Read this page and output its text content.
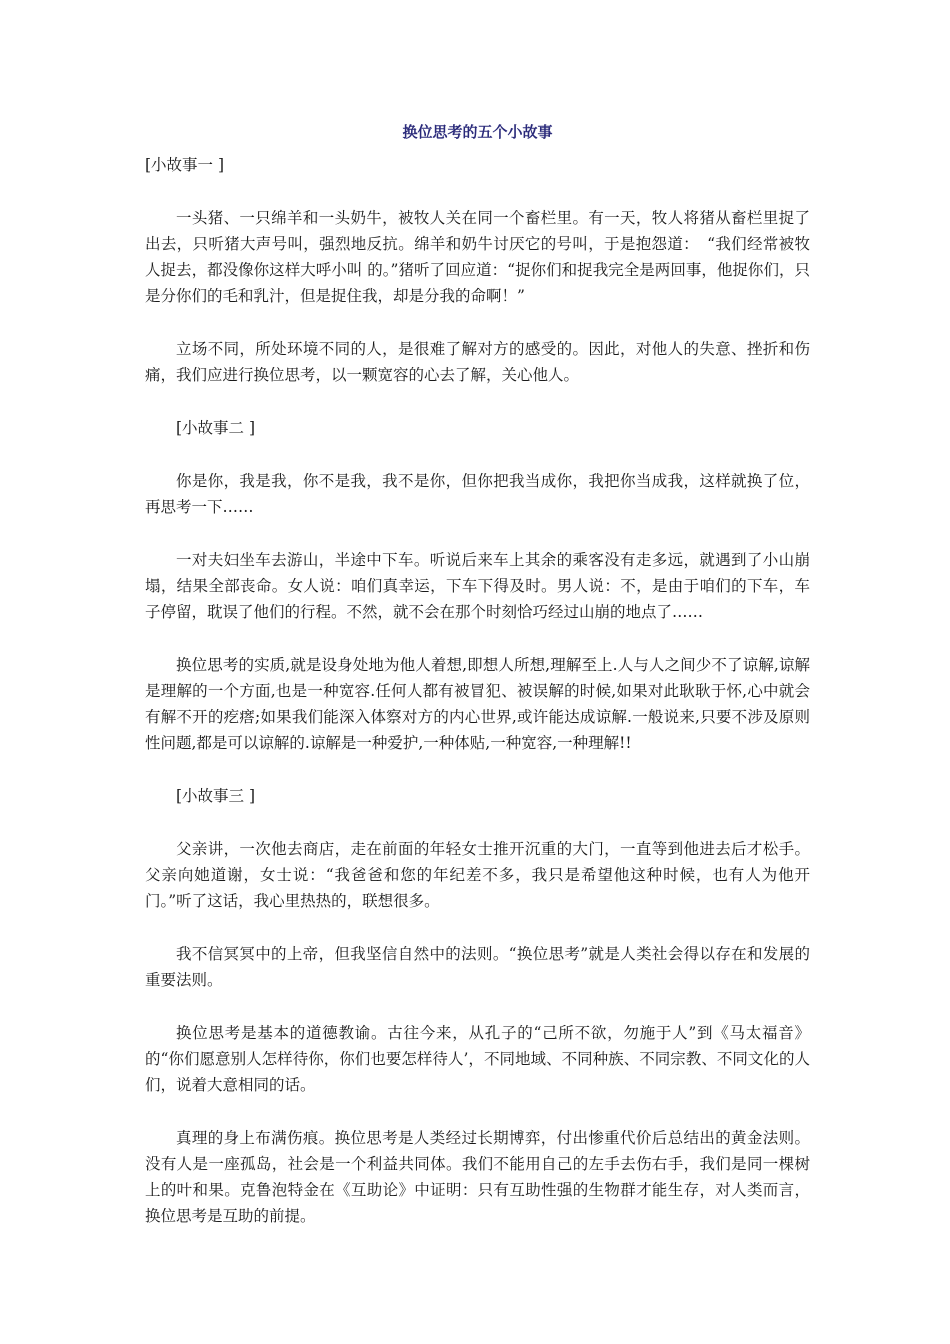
换位思考的五个小故事
[小故事一 ]
一头猪、一只绵羊和一头奶牛，被牧人关在同一个畜栏里。有一天，牧人将猪从畜栏里捉了出去，只听猪大声号叫，强烈地反抗。绵羊和奶牛讨厌它的号叫，于是抱怨道：　“我们经常被牧人捉去，都没像你这样大呼小叫 的。”猪听了回应道：“捉你们和捉我完全是两回事，他捉你们，只是分你们的毛和乳汁，但是捉住我，却是分我的命啊！”
立场不同，所处环境不同的人，是很难了解对方的感受的。因此，对他人的失意、挫折和伤痛，我们应进行换位思考，以一颗宽容的心去了解，关心他人。
[小故事二 ]
你是你，我是我，你不是我，我不是你，但你把我当成你，我把你当成我，这样就换了位，再思考一下……
一对夫妇坐车去游山，半途中下车。听说后来车上其余的乘客没有走多远，就遇到了小山崩塌，结果全部丧命。女人说：咱们真幸运，下车下得及时。男人说：不，是由于咱们的下车，车子停留，耽误了他们的行程。不然，就不会在那个时刻恰巧经过山崩的地点了……
换位思考的实质,就是设身处地为他人着想,即想人所想,理解至上.人与人之间少不了谅解,谅解是理解的一个方面,也是一种宽容.任何人都有被冒犯、被误解的时候,如果对此耿耿于怀,心中就会有解不开的疙瘩;如果我们能深入体察对方的内心世界,或许能达成谅解.一般说来,只要不涉及原则性问题,都是可以谅解的.谅解是一种爱护,一种体贴,一种宽容,一种理解!!
[小故事三 ]
父亲讲，一次他去商店，走在前面的年轻女士推开沉重的大门，一直等到他进去后才松手。父亲向她道谢，女士说：“我爸爸和您的年纪差不多，我只是希望他这种时候，也有人为他开门。”听了这话，我心里热热的，联想很多。
我不信冥冥中的上帝，但我坚信自然中的法则。“换位思考”就是人类社会得以存在和发展的重要法则。
换位思考是基本的道德教谕。古往今来，从孔子的“己所不欲，勿施于人”到《马太福音》的“你们愿意别人怎样待你，你们也要怎样待人’，不同地域、不同种族、不同宗教、不同文化的人们，说着大意相同的话。
真理的身上布满伤痕。换位思考是人类经过长期博弈，付出惨重代价后总结出的黄金法则。没有人是一座孤岛，社会是一个利益共同体。我们不能用自己的左手去伤右手，我们是同一棵树上的叶和果。克鲁泡特金在《互助论》中证明：只有互助性强的生物群才能生存，对人类而言，换位思考是互助的前提。
